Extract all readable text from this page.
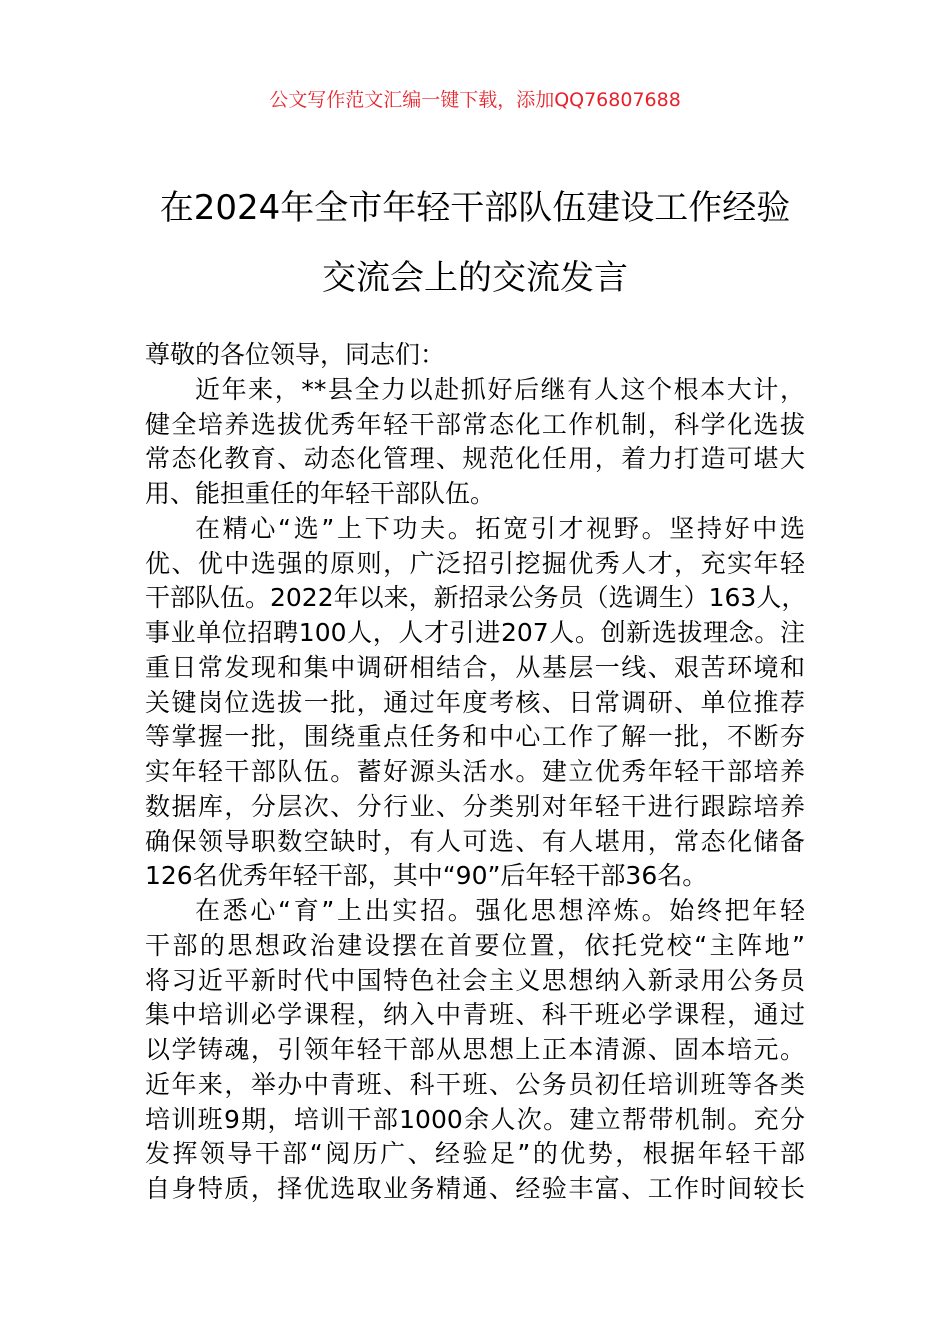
公文写作范文汇编一键下载，添加QQ76807688
在2024年全市年轻干部队伍建设工作经验
交流会上的交流发言
尊敬的各位领导，同志们：
近年来，**县全力以赴抓好后继有人这个根本大计，
健全培养选拔优秀年轻干部常态化工作机制，科学化选拔
常态化教育、动态化管理、规范化任用，着力打造可堪大
用、能担重任的年轻干部队伍。
在精心“选”上下功夫。拓宽引才视野。坚持好中选
优、优中选强的原则，广泛招引挖掘优秀人才，充实年轻
干部队伍。2022年以来，新招录公务员（选调生）163人，
事业单位招聘100人，人才引进207人。创新选拔理念。注
重日常发现和集中调研相结合，从基层一线、艰苦环境和
关键岗位选拔一批，通过年度考核、日常调研、单位推荐
等掌握一批，围绕重点任务和中心工作了解一批，不断夯
实年轻干部队伍。蓄好源头活水。建立优秀年轻干部培养
数据库，分层次、分行业、分类别对年轻干进行跟踪培养
确保领导职数空缺时，有人可选、有人堪用，常态化储备
126名优秀年轻干部，其中“90”后年轻干部36名。
在悉心“育”上出实招。强化思想淬炼。始终把年轻
干部的思想政治建设摆在首要位置，依托党校“主阵地”
将习近平新时代中国特色社会主义思想纳入新录用公务员
集中培训必学课程，纳入中青班、科干班必学课程，通过
以学铸魂，引领年轻干部从思想上正本清源、固本培元。
近年来，举办中青班、科干班、公务员初任培训班等各类
培训班9期，培训干部1000余人次。建立帮带机制。充分
发挥领导干部“阅历广、经验足”的优势，根据年轻干部
自身特质，择优选取业务精通、经验丰富、工作时间较长
